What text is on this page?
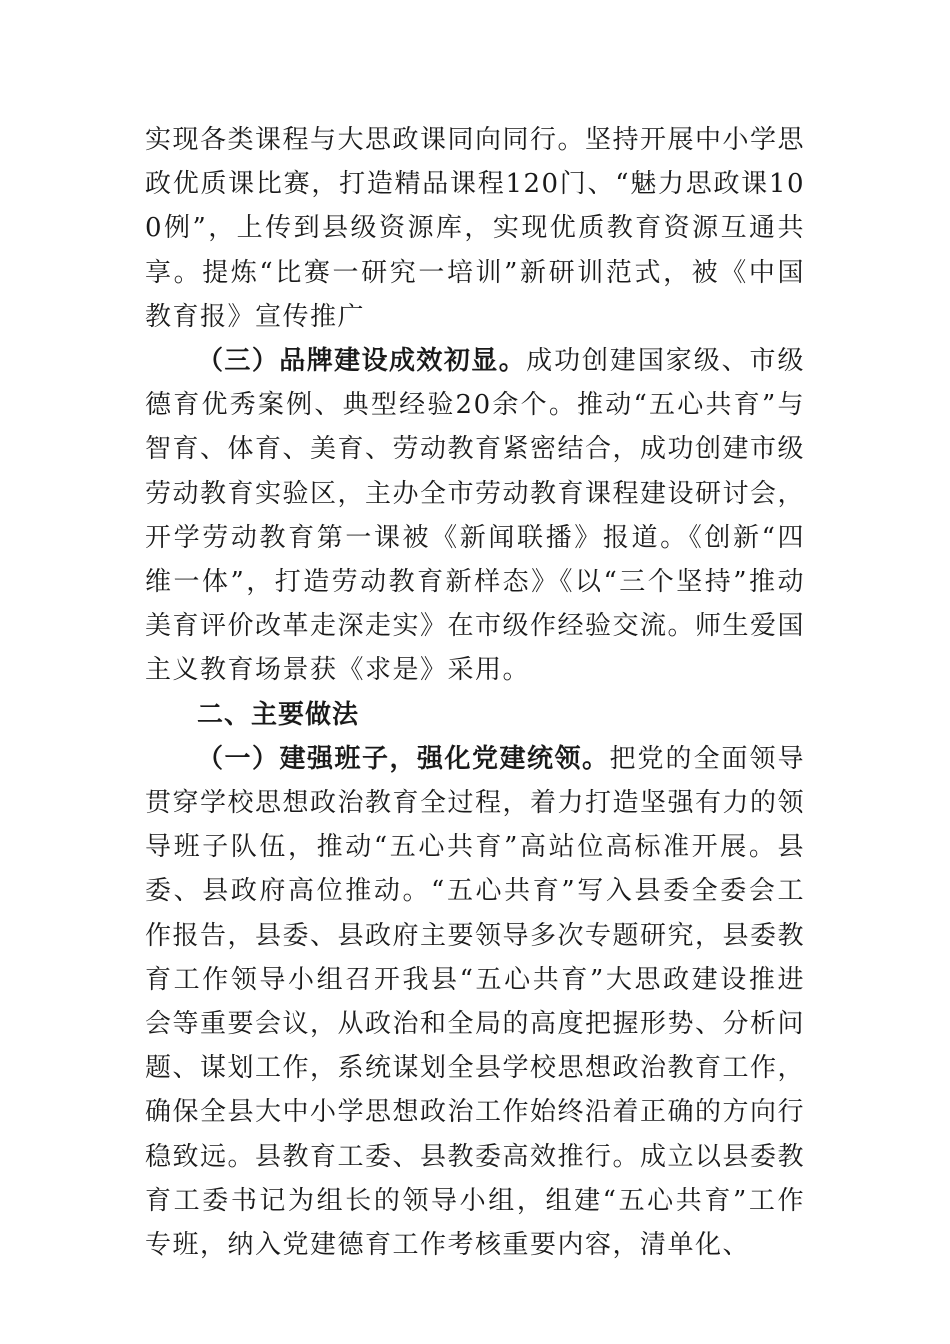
实现各类课程与大思政课同向同行。坚持开展中小学思政优质课比赛，打造精品课程120门、“魅力思政课100例”，上传到县级资源库，实现优质教育资源互通共享。提炼“比赛一研究一培训”新研训范式，被《中国教育报》宣传推广

（三）品牌建设成效初显。成功创建国家级、市级德育优秀案例、典型经验20余个。推动“五心共育”与智育、体育、美育、劳动教育紧密结合，成功创建市级劳动教育实验区，主办全市劳动教育课程建设研讨会，开学劳动教育第一课被《新闻联播》报道。《创新“四维一体”，打造劳动教育新样态》《以“三个坚持”推动美育评价改革走深走实》在市级作经验交流。师生爱国主义教育场景获《求是》采用。

二、主要做法

（一）建强班子，强化党建统领。把党的全面领导贯穿学校思想政治教育全过程，着力打造坚强有力的领导班子队伍，推动“五心共育”高站位高标准开展。县委、县政府高位推动。“五心共育”写入县委全委会工作报告，县委、县政府主要领导多次专题研究，县委教育工作领导小组召开我县“五心共育”大思政建设推进会等重要会议，从政治和全局的高度把握形势、分析问题、谋划工作，系统谋划全县学校思想政治教育工作，确保全县大中小学思想政治工作始终沿着正确的方向行稳致远。县教育工委、县教委高效推行。成立以县委教育工委书记为组长的领导小组，组建“五心共育”工作专班，纳入党建德育工作考核重要内容，清单化、
